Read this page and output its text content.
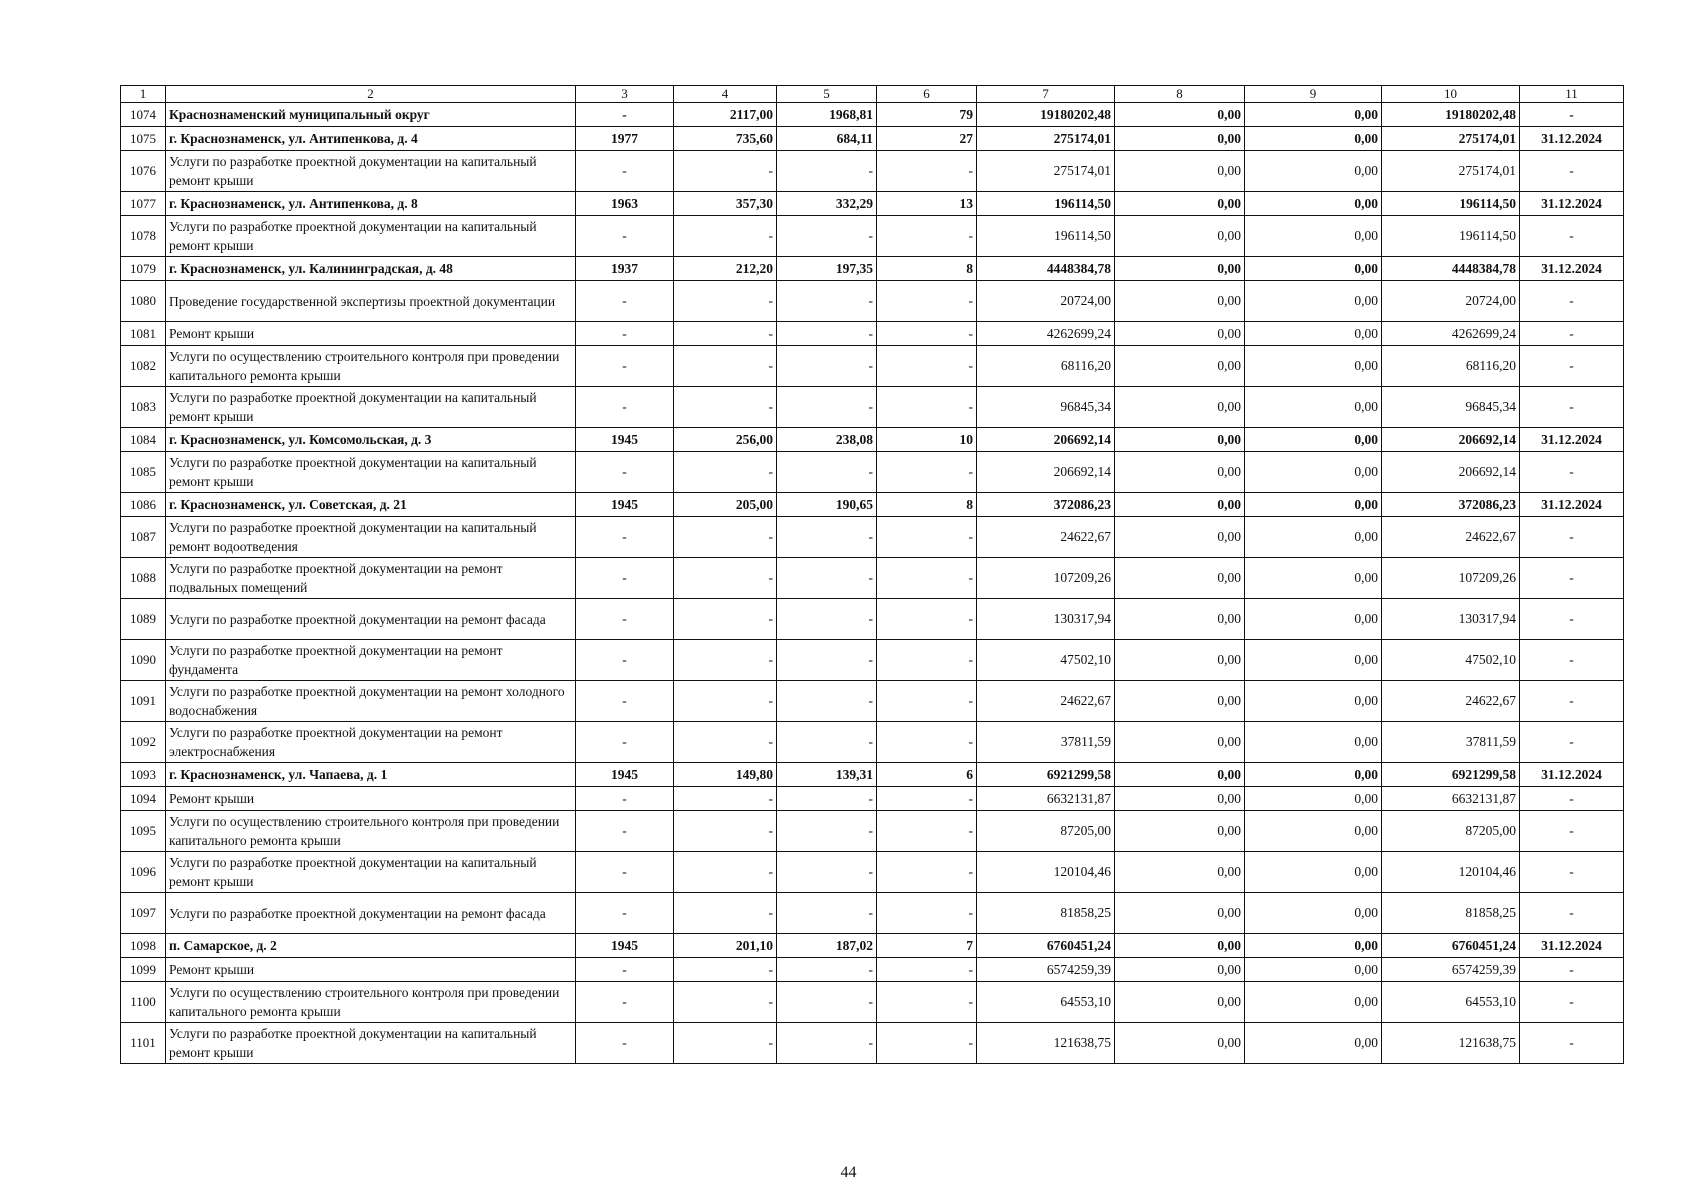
1	2	3	4	5	6	7	8	9	10	11	
1074	Краснознаменский муниципальный округ	-	2117,00	1968,81	79	19180202,48	0,00	0,00	19180202,48	-	
1075	г. Краснознаменск, ул. Антипенкова, д. 4	1977	735,60	684,11	27	275174,01	0,00	0,00	275174,01	31.12.2024	
1076	Услуги по разработке проектной документации на капитальный ремонт крыши	-	-	-	-	275174,01	0,00	0,00	275174,01	-	
1077	г. Краснознаменск, ул. Антипенкова, д. 8	1963	357,30	332,29	13	196114,50	0,00	0,00	196114,50	31.12.2024	
1078	Услуги по разработке проектной документации на капитальный ремонт крыши	-	-	-	-	196114,50	0,00	0,00	196114,50	-	
1079	г. Краснознаменск, ул. Калининградская, д. 48	1937	212,20	197,35	8	4448384,78	0,00	0,00	4448384,78	31.12.2024	
1080	Проведение государственной экспертизы проектной документации	-	-	-	-	20724,00	0,00	0,00	20724,00	-	
1081	Ремонт крыши	-	-	-	-	4262699,24	0,00	0,00	4262699,24	-	
1082	Услуги по осуществлению строительного контроля при проведении капитального ремонта крыши	-	-	-	-	68116,20	0,00	0,00	68116,20	-	
1083	Услуги по разработке проектной документации на капитальный ремонт крыши	-	-	-	-	96845,34	0,00	0,00	96845,34	-	
1084	г. Краснознаменск, ул. Комсомольская, д. 3	1945	256,00	238,08	10	206692,14	0,00	0,00	206692,14	31.12.2024	
1085	Услуги по разработке проектной документации на капитальный ремонт крыши	-	-	-	-	206692,14	0,00	0,00	206692,14	-	
1086	г. Краснознаменск, ул. Советская, д. 21	1945	205,00	190,65	8	372086,23	0,00	0,00	372086,23	31.12.2024	
1087	Услуги по разработке проектной документации на капитальный ремонт водоотведения	-	-	-	-	24622,67	0,00	0,00	24622,67	-	
1088	Услуги по разработке проектной документации на ремонт подвальных помещений	-	-	-	-	107209,26	0,00	0,00	107209,26	-	
1089	Услуги по разработке проектной документации на ремонт фасада	-	-	-	-	130317,94	0,00	0,00	130317,94	-	
1090	Услуги по разработке проектной документации на ремонт фундамента	-	-	-	-	47502,10	0,00	0,00	47502,10	-	
1091	Услуги по разработке проектной документации на ремонт холодного водоснабжения	-	-	-	-	24622,67	0,00	0,00	24622,67	-	
1092	Услуги по разработке проектной документации на ремонт электроснабжения	-	-	-	-	37811,59	0,00	0,00	37811,59	-	
1093	г. Краснознаменск, ул. Чапаева, д. 1	1945	149,80	139,31	6	6921299,58	0,00	0,00	6921299,58	31.12.2024	
1094	Ремонт крыши	-	-	-	-	6632131,87	0,00	0,00	6632131,87	-	
1095	Услуги по осуществлению строительного контроля при проведении капитального ремонта крыши	-	-	-	-	87205,00	0,00	0,00	87205,00	-	
1096	Услуги по разработке проектной документации на капитальный ремонт крыши	-	-	-	-	120104,46	0,00	0,00	120104,46	-	
1097	Услуги по разработке проектной документации на ремонт фасада	-	-	-	-	81858,25	0,00	0,00	81858,25	-	
1098	п. Самарское, д. 2	1945	201,10	187,02	7	6760451,24	0,00	0,00	6760451,24	31.12.2024	
1099	Ремонт крыши	-	-	-	-	6574259,39	0,00	0,00	6574259,39	-	
1100	Услуги по осуществлению строительного контроля при проведении капитального ремонта крыши	-	-	-	-	64553,10	0,00	0,00	64553,10	-	
1101	Услуги по разработке проектной документации на капитальный ремонт крыши	-	-	-	-	121638,75	0,00	0,00	121638,75	-	
44
